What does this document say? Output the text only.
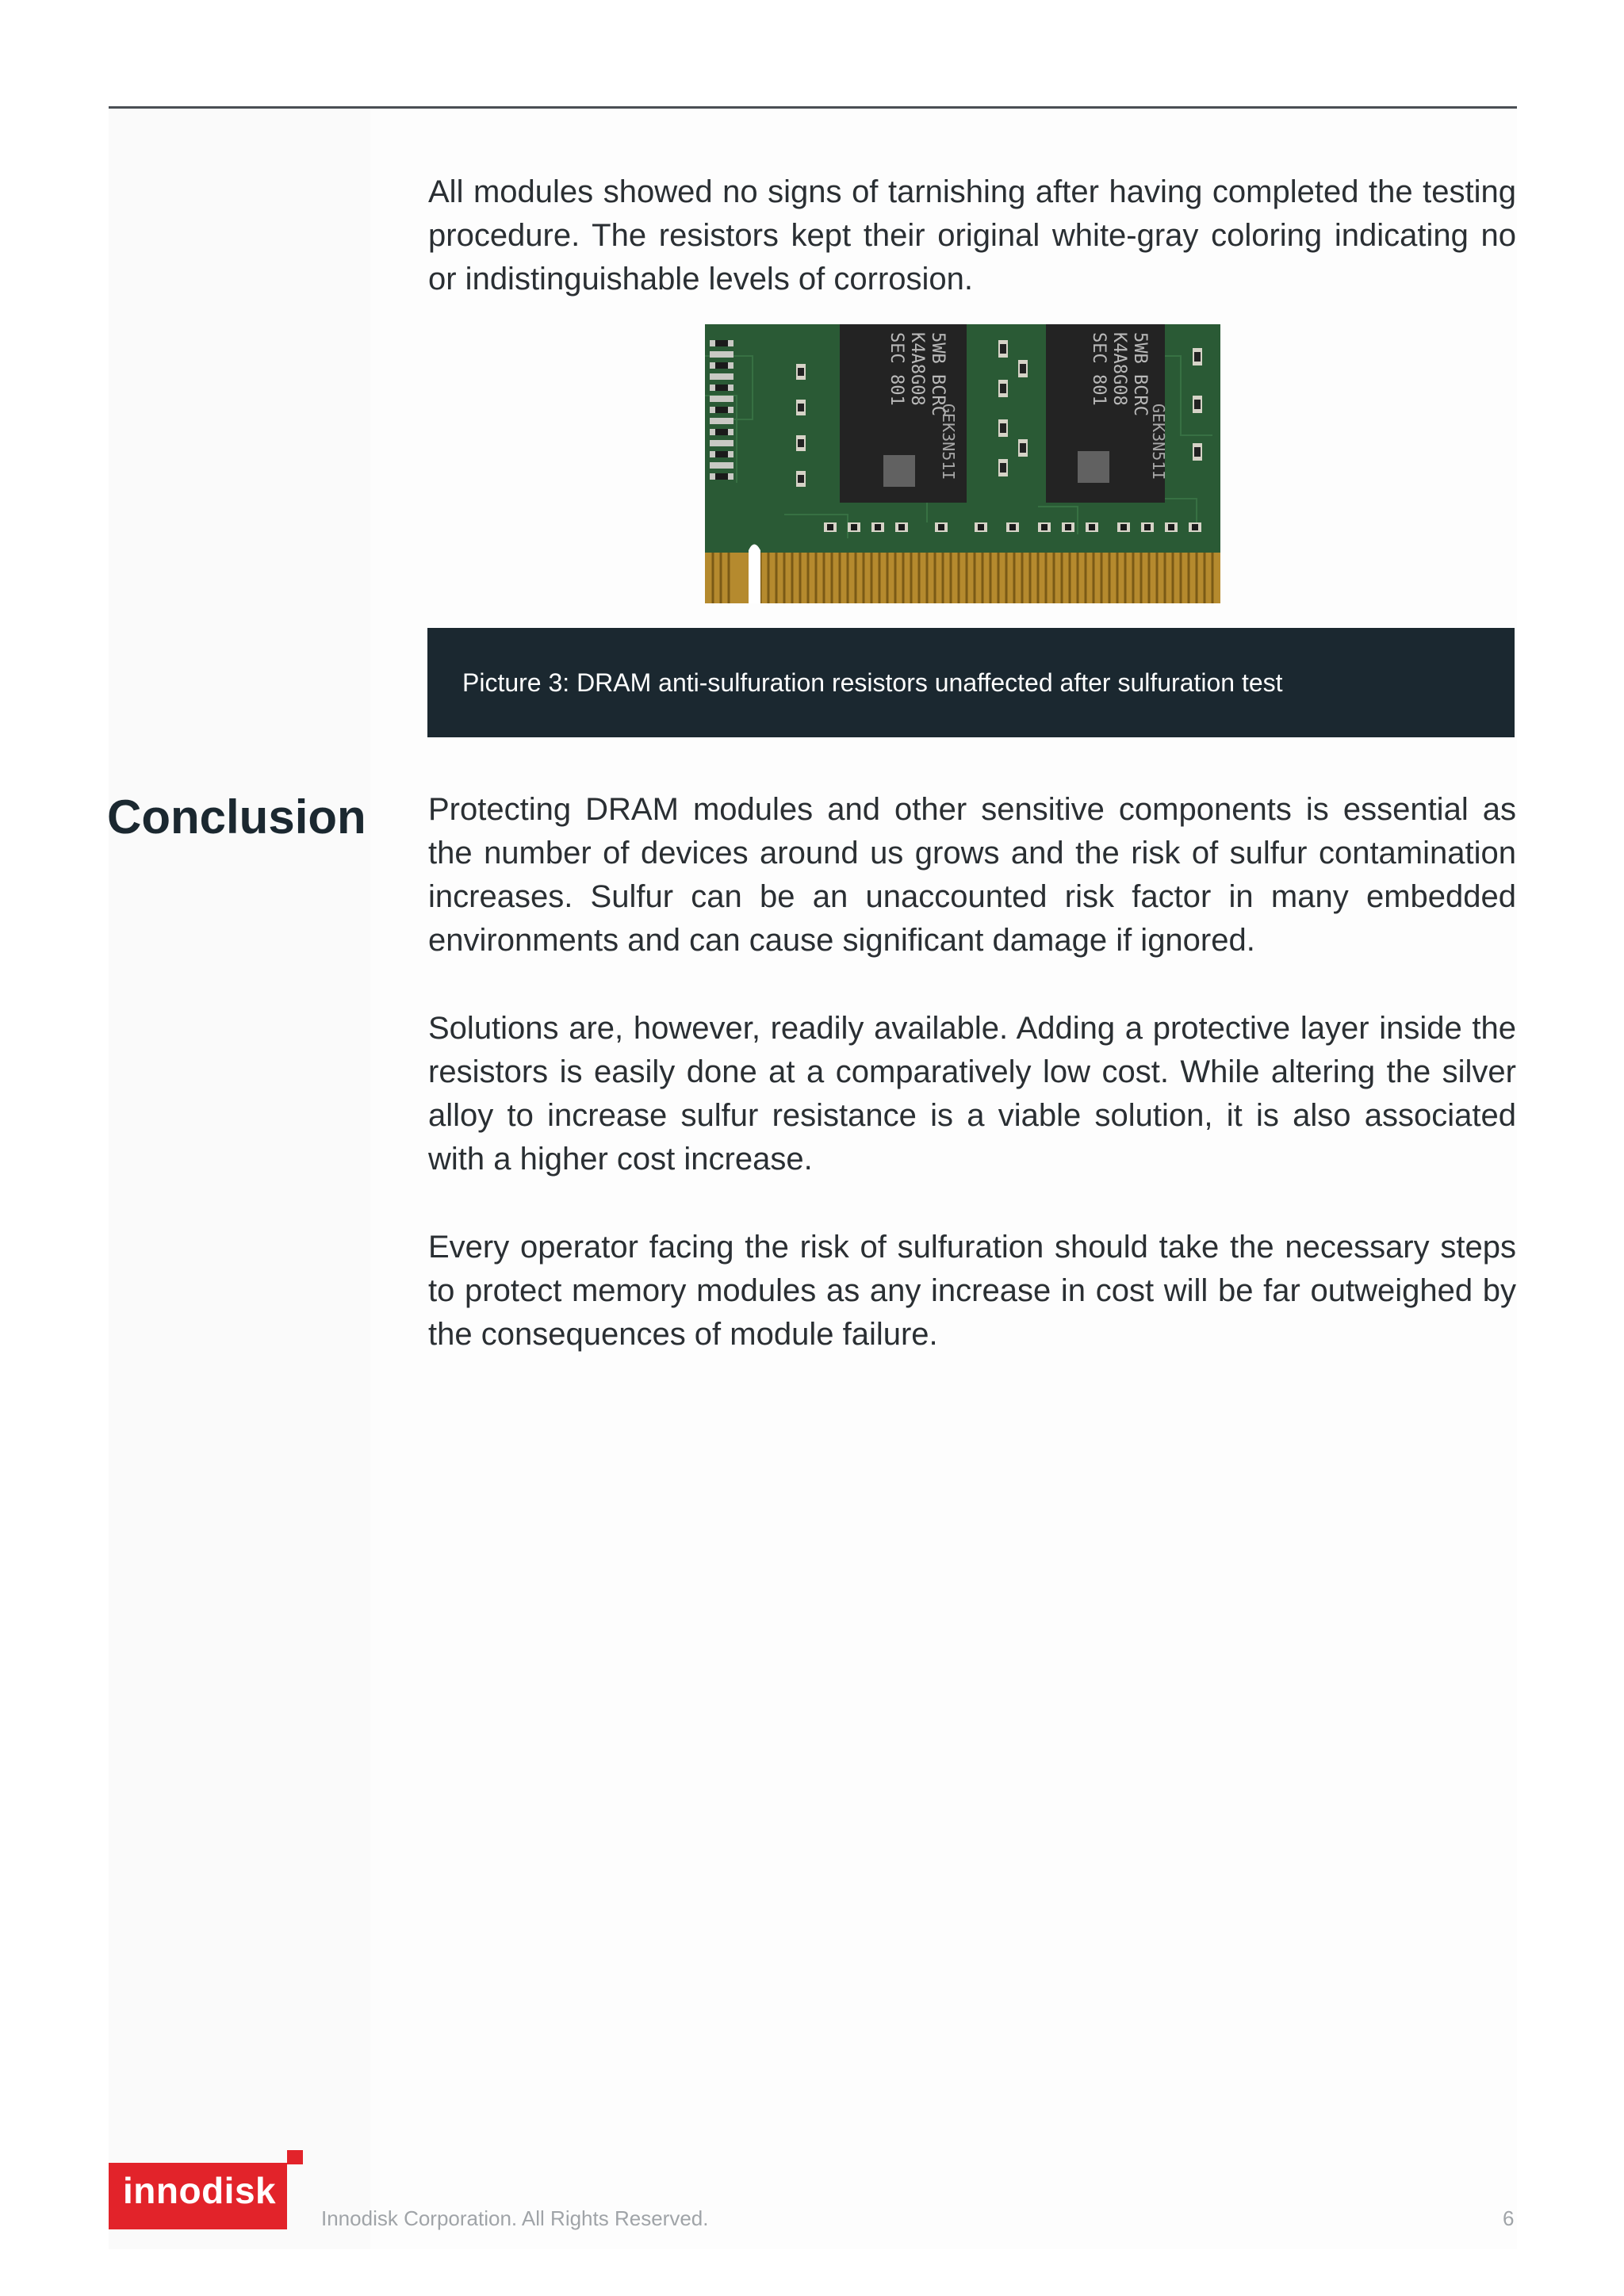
All modules showed no signs of tarnishing after having completed the testing procedure. The resistors kept their original white-gray coloring indicating no or indistinguishable levels of corrosion.

SEC 801 K4A8G08 5WB BCRC
GEK3N51I
SEC 801 K4A8G08 5WB BCRC
GEK3N51I
Picture 3: DRAM anti-sulfuration resistors unaffected after sulfuration test
Conclusion Protecting DRAM modules and other sensitive components is essential as the number of devices around us grows and the risk of sulfur contamination increases. Sulfur can be an unaccounted risk factor in many embedded environments and can cause significant damage if ignored.

Solutions are, however, readily available. Adding a protective layer inside the resistors is easily done at a comparatively low cost. While altering the silver alloy to increase sulfur resistance is a viable solution, it is also associated with a higher cost increase.

Every operator facing the risk of sulfuration should take the necessary steps to protect memory modules as any increase in cost will be far outweighed by the consequences of module failure.

innodisk
Innodisk Corporation. All Rights Reserved.	6
